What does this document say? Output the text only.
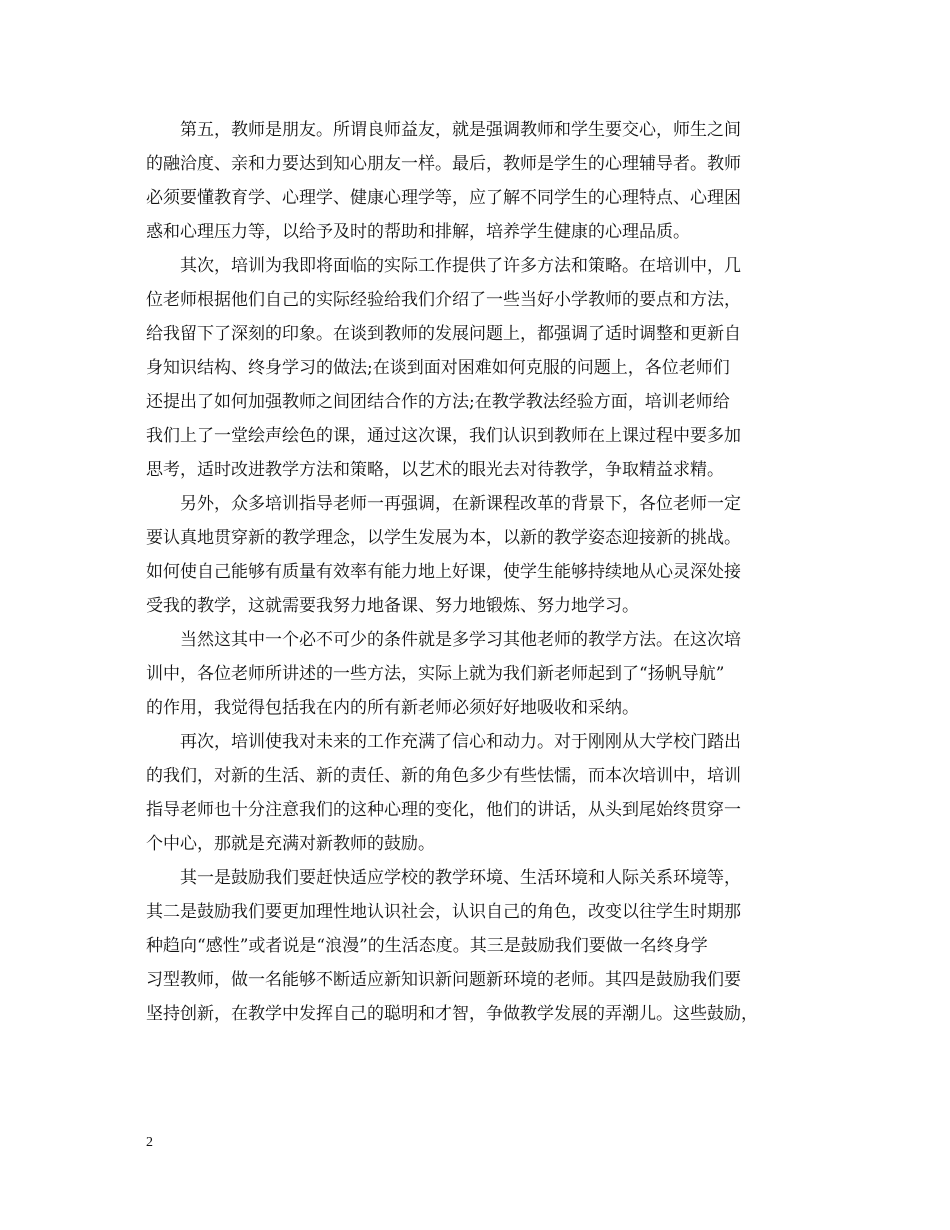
第五，教师是朋友。所谓良师益友，就是强调教师和学生要交心，师生之间
的融洽度、亲和力要达到知心朋友一样。最后，教师是学生的心理辅导者。教师
必须要懂教育学、心理学、健康心理学等，应了解不同学生的心理特点、心理困
惑和心理压力等，以给予及时的帮助和排解，培养学生健康的心理品质。

其次，培训为我即将面临的实际工作提供了许多方法和策略。在培训中，几
位老师根据他们自己的实际经验给我们介绍了一些当好小学教师的要点和方法，
给我留下了深刻的印象。在谈到教师的发展问题上，都强调了适时调整和更新自
身知识结构、终身学习的做法;在谈到面对困难如何克服的问题上，各位老师们
还提出了如何加强教师之间团结合作的方法;在教学教法经验方面，培训老师给
我们上了一堂绘声绘色的课，通过这次课，我们认识到教师在上课过程中要多加
思考，适时改进教学方法和策略，以艺术的眼光去对待教学，争取精益求精。

另外，众多培训指导老师一再强调，在新课程改革的背景下，各位老师一定
要认真地贯穿新的教学理念，以学生发展为本，以新的教学姿态迎接新的挑战。
如何使自己能够有质量有效率有能力地上好课，使学生能够持续地从心灵深处接
受我的教学，这就需要我努力地备课、努力地锻炼、努力地学习。

当然这其中一个必不可少的条件就是多学习其他老师的教学方法。在这次培
训中，各位老师所讲述的一些方法，实际上就为我们新老师起到了“扬帆导航”
的作用，我觉得包括我在内的所有新老师必须好好地吸收和采纳。

再次，培训使我对未来的工作充满了信心和动力。对于刚刚从大学校门踏出
的我们，对新的生活、新的责任、新的角色多少有些怯懦，而本次培训中，培训
指导老师也十分注意我们的这种心理的变化，他们的讲话，从头到尾始终贯穿一
个中心，那就是充满对新教师的鼓励。

其一是鼓励我们要赶快适应学校的教学环境、生活环境和人际关系环境等，
其二是鼓励我们要更加理性地认识社会，认识自己的角色，改变以往学生时期那
种趋向“感性”或者说是“浪漫”的生活态度。其三是鼓励我们要做一名终身学
习型教师，做一名能够不断适应新知识新问题新环境的老师。其四是鼓励我们要
坚持创新，在教学中发挥自己的聪明和才智，争做教学发展的弄潮儿。这些鼓励，

2
